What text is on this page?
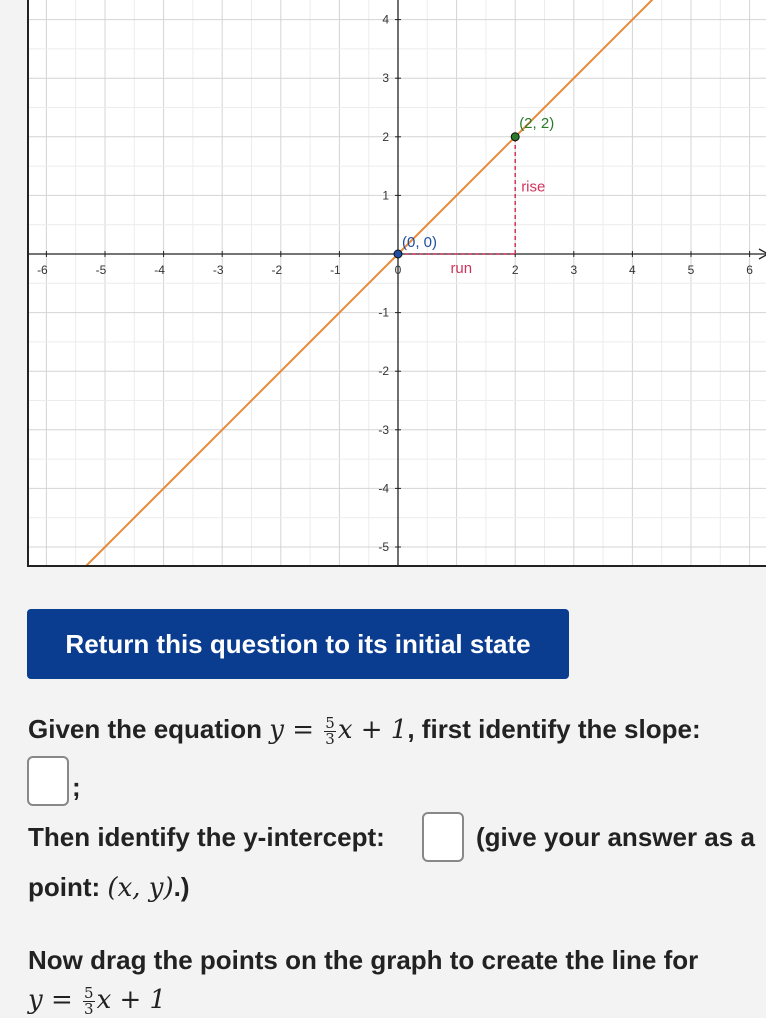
-6	-5	-4	-3	-2	-1	0	2	3	4	5	6
4
3
2
1
-1
-2
-3
-4
-5
rise
run
(0, 0)
(2, 2)
Return this question to its initial state
Given the equation $y = \frac{5}{3}$ x + 1, first identify the slope:
;
Then identify the y-intercept:	(give your answer as a
point: (x, y).)
Now drag the points on the graph to create the line for
$y = \frac{5}{3}$ x + 1
